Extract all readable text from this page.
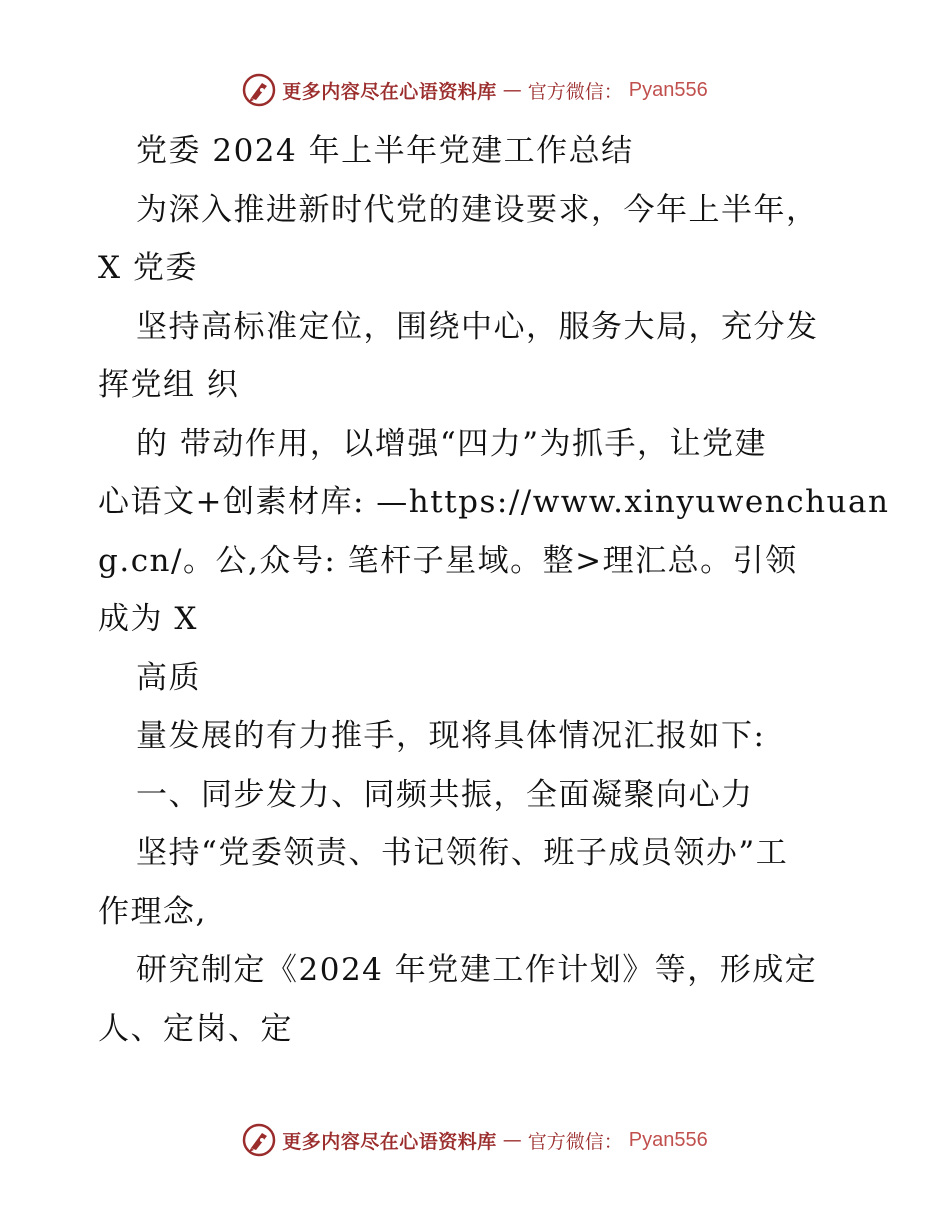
更多内容尽在心语资料库 — 官方微信： Pyan556
党委 2024 年上半年党建工作总结
为深入推进新时代党的建设要求，今年上半年，
X 党委
坚持高标准定位，围绕中心，服务大局，充分发
挥党组 织
的 带动作用，以增强“四力”为抓手，让党建
心语文+创素材库: —https://www.xinyuwenchuan
g.cn/。公,众号: 笔杆子星域。整>理汇总。引领
成为 X
高质
量发展的有力推手，现将具体情况汇报如下:
一、同步发力、同频共振，全面凝聚向心力
坚持“党委领责、书记领衔、班子成员领办”工
作理念,
研究制定《2024 年党建工作计划》等，形成定
人、定岗、定
更多内容尽在心语资料库 — 官方微信： Pyan556
